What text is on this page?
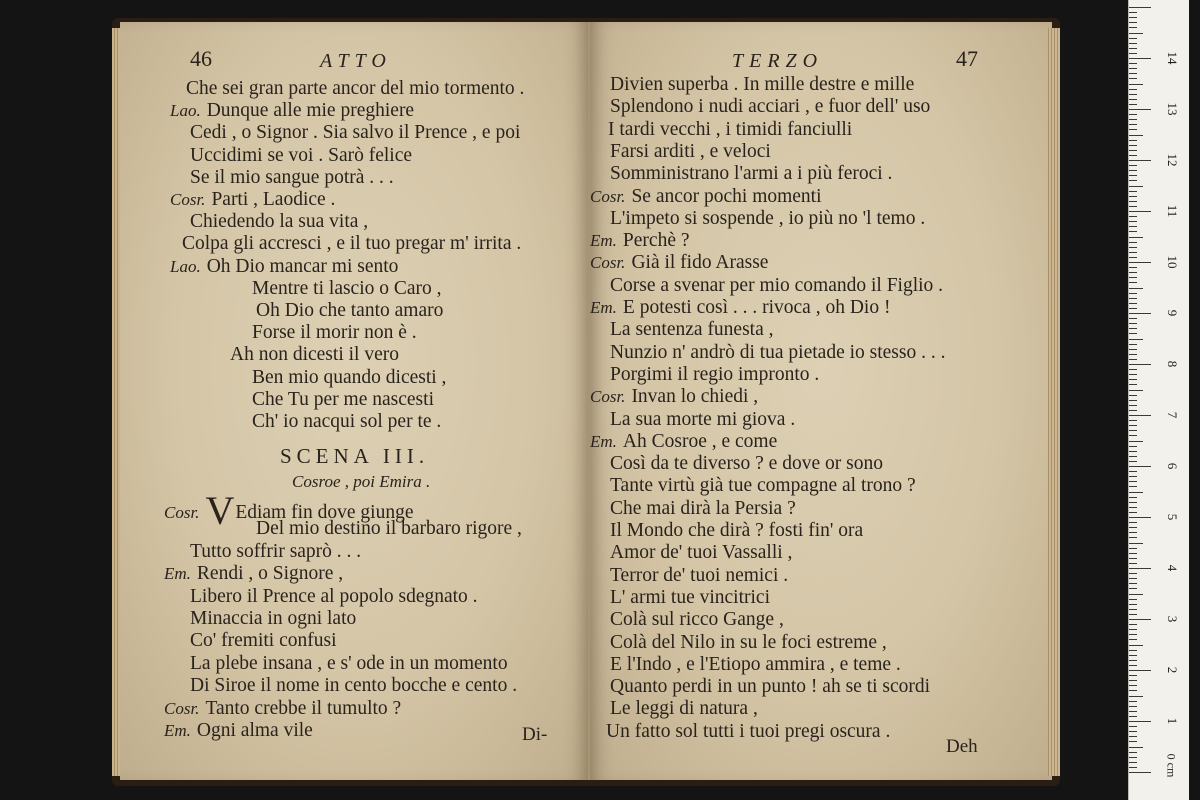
46	ATTO
Che sei gran parte ancor del mio tormento .
Lao. Dunque alle mie preghiere
Cedi , o Signor . Sia salvo il Prence , e poi
Uccidimi se voi . Sarò felice
Se il mio sangue potrà . . .
Cosr. Parti , Laodice .
Chiedendo la sua vita ,
Colpa gli accresci , e il tuo pregar m' irrita .
Lao. Oh Dio mancar mi sento
Mentre ti lascio o Caro ,
Oh Dio che tanto amaro
Forse il morir non è .
Ah non dicesti il vero
Ben mio quando dicesti ,
Che Tu per me nascesti
Ch' io nacqui sol per te .
SCENA III.
Cosroe , poi Emira .
Cosr. VEdiam fin dove giunge
Del mio destino il barbaro rigore ,
Tutto soffrir saprò . . .
Em. Rendi , o Signore ,
Libero il Prence al popolo sdegnato .
Minaccia in ogni lato
Co' fremiti confusi
La plebe insana , e s' ode in un momento
Di Siroe il nome in cento bocche e cento .
Cosr. Tanto crebbe il tumulto ?
Em. Ogni alma vile	Di-
TERZO	47
Divien superba . In mille destre e mille
Splendono i nudi acciari , e fuor dell' uso
I tardi vecchi , i timidi fanciulli
Farsi arditi , e veloci
Somministrano l'armi a i più feroci .
Cosr. Se ancor pochi momenti
L'impeto si sospende , io più no 'l temo .
Em. Perchè ?
Cosr. Già il fido Arasse
Corse a svenar per mio comando il Figlio .
Em. E potesti così . . . rivoca , oh Dio !
La sentenza funesta ,
Nunzio n' andrò di tua pietade io stesso . . .
Porgimi il regio impronto .
Cosr. Invan lo chiedi ,
La sua morte mi giova .
Em. Ah Cosroe , e come
Così da te diverso ? e dove or sono
Tante virtù già tue compagne al trono ?
Che mai dirà la Persia ?
Il Mondo che dirà ? fosti fin' ora
Amor de' tuoi Vassalli ,
Terror de' tuoi nemici .
L' armi tue vincitrici
Colà sul ricco Gange ,
Colà del Nilo in su le foci estreme ,
E l'Indo , e l'Etiopo ammira , e teme .
Quanto perdi in un punto ! ah se ti scordi
Le leggi di natura ,
Un fatto sol tutti i tuoi pregi oscura .
Deh
0 cm
1
2
3
4
5
6
7
8
9
10
11
12
13
14
